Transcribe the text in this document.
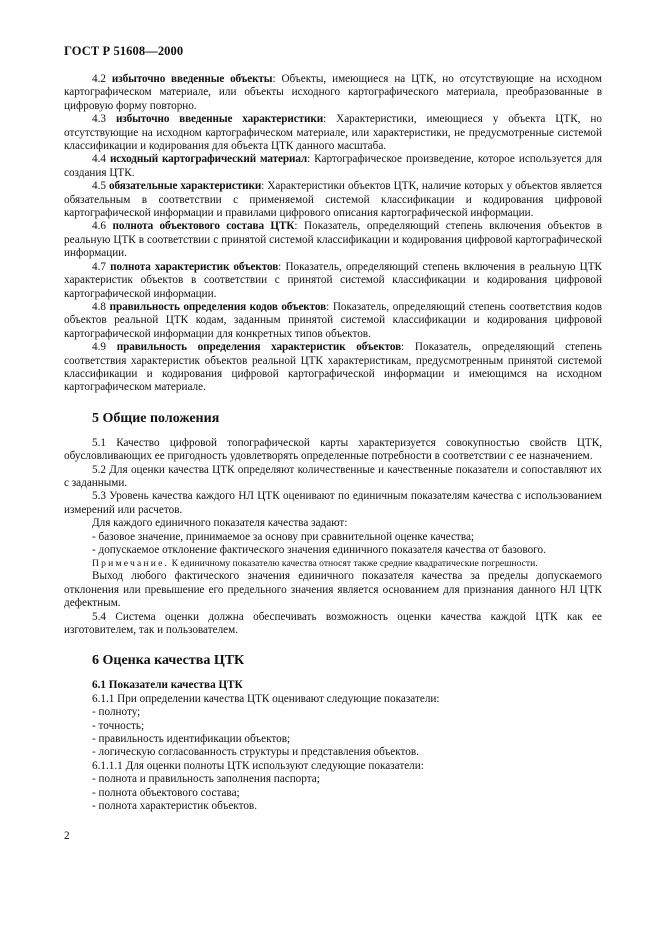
ГОСТ Р 51608—2000

4.2 избыточно введенные объекты: Объекты, имеющиеся на ЦТК, но отсутствующие на исходном картографическом материале, или объекты исходного картографического материала, преобразованные в цифровую форму повторно.

4.3 избыточно введенные характеристики: Характеристики, имеющиеся у объекта ЦТК, но отсутствующие на исходном картографическом материале, или характеристики, не предусмотренные системой классификации и кодирования для объекта ЦТК данного масштаба.

4.4 исходный картографический материал: Картографическое произведение, которое используется для создания ЦТК.

4.5 обязательные характеристики: Характеристики объектов ЦТК, наличие которых у объектов является обязательным в соответствии с применяемой системой классификации и кодирования цифровой картографической информации и правилами цифрового описания картографической информации.

4.6 полнота объектового состава ЦТК: Показатель, определяющий степень включения объектов в реальную ЦТК в соответствии с принятой системой классификации и кодирования цифровой картографической информации.

4.7 полнота характеристик объектов: Показатель, определяющий степень включения в реальную ЦТК характеристик объектов в соответствии с принятой системой классификации и кодирования цифровой картографической информации.

4.8 правильность определения кодов объектов: Показатель, определяющий степень соответствия кодов объектов реальной ЦТК кодам, заданным принятой системой классификации и кодирования цифровой картографической информации для конкретных типов объектов.

4.9 правильность определения характеристик объектов: Показатель, определяющий степень соответствия характеристик объектов реальной ЦТК характеристикам, предусмотренным принятой системой классификации и кодирования цифровой картографической информации и имеющимся на исходном картографическом материале.

5 Общие положения

5.1 Качество цифровой топографической карты характеризуется совокупностью свойств ЦТК, обусловливающих ее пригодность удовлетворять определенные потребности в соответствии с ее назначением.

5.2 Для оценки качества ЦТК определяют количественные и качественные показатели и сопоставляют их с заданными.

5.3 Уровень качества каждого НЛ ЦТК оценивают по единичным показателям качества с использованием измерений или расчетов.

Для каждого единичного показателя качества задают:

- базовое значение, принимаемое за основу при сравнительной оценке качества;
- допускаемое отклонение фактического значения единичного показателя качества от базового.

Примечание. К единичному показателю качества относят также средние квадратические погрешности.

Выход любого фактического значения единичного показателя качества за пределы допускаемого отклонения или превышение его предельного значения является основанием для признания данного НЛ ЦТК дефектным.

5.4 Система оценки должна обеспечивать возможность оценки качества каждой ЦТК как ее изготовителем, так и пользователем.

6 Оценка качества ЦТК
6.1 Показатели качества ЦТК

6.1.1 При определении качества ЦТК оценивают следующие показатели:

- полноту;
- точность;
- правильность идентификации объектов;
- логическую согласованность структуры и представления объектов.

6.1.1.1 Для оценки полноты ЦТК используют следующие показатели:

- полнота и правильность заполнения паспорта;
- полнота объектового состава;
- полнота характеристик объектов.
2
